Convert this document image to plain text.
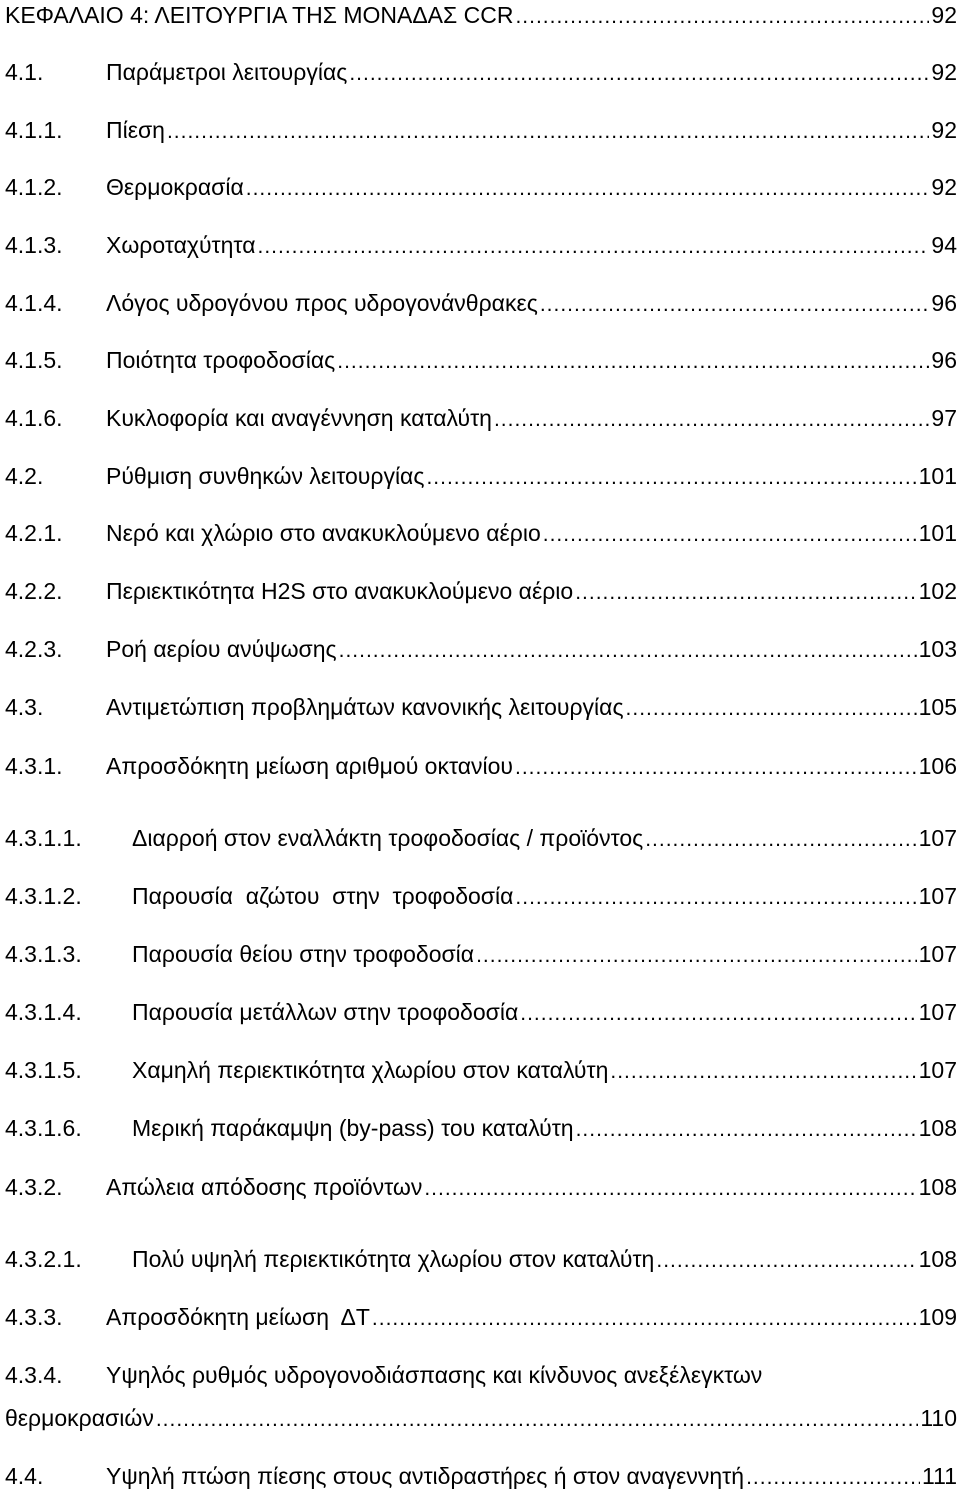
ΚΕΦΑΛΑΙΟ 4: ΛΕΙΤΟΥΡΓΙΑ ΤΗΣ ΜΟΝΑΔΑΣ CCR .....	92
4.1.	Παράμετροι λειτουργίας .....	92
4.1.1.	Πίεση .....	92
4.1.2.	Θερμοκρασία .....	92
4.1.3.	Χωροταχύτητα .....	94
4.1.4.	Λόγος υδρογόνου προς υδρογονάνθρακες .....	96
4.1.5.	Ποιότητα τροφοδοσίας .....	96
4.1.6.	Κυκλοφορία και αναγέννηση καταλύτη .....	97
4.2.	Ρύθμιση συνθηκών λειτουργίας .....	101
4.2.1.	Νερό και χλώριο στο ανακυκλούμενο αέριο .....	101
4.2.2.	Περιεκτικότητα H2S στο ανακυκλούμενο αέριο .....	102
4.2.3.	Ροή αερίου ανύψωσης .....	103
4.3.	Αντιμετώπιση προβλημάτων κανονικής λειτουργίας .....	105
4.3.1.	Απροσδόκητη μείωση αριθμού οκτανίου .....	106
4.3.1.1.	Διαρροή στον εναλλάκτη τροφοδοσίας / προϊόντος .....	107
4.3.1.2.	Παρουσία  αζώτου  στην  τροφοδοσία .....	107
4.3.1.3.	Παρουσία θείου στην τροφοδοσία .....	107
4.3.1.4.	Παρουσία μετάλλων στην τροφοδοσία .....	107
4.3.1.5.	Χαμηλή περιεκτικότητα χλωρίου στον καταλύτη .....	107
4.3.1.6.	Μερική παράκαμψη (by-pass) του καταλύτη .....	108
4.3.2.	Απώλεια απόδοσης προϊόντων .....	108
4.3.2.1.	Πολύ υψηλή περιεκτικότητα χλωρίου στον καταλύτη .....	108
4.3.3.	Απροσδόκητη μείωση  ΔT .....	109
4.3.4.	Υψηλός ρυθμός υδρογονοδιάσπασης και κίνδυνος ανεξέλεγκτων
θερμοκρασιών .....	110
4.4.	Υψηλή πτώση πίεσης στους αντιδραστήρες ή στον αναγεννητή .....	111
